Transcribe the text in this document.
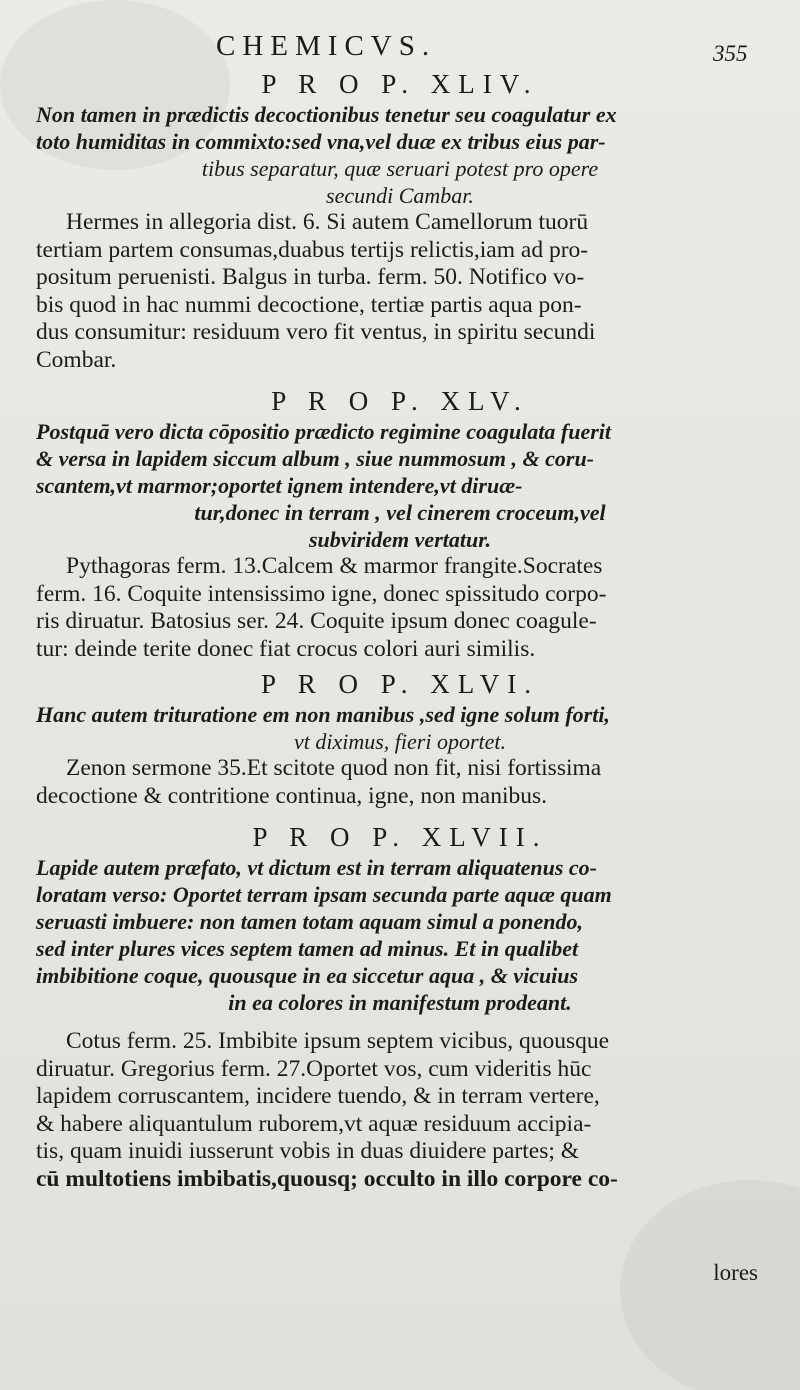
CHEMICVS.	355
P R O P. XLIV.
Non tamen in prædictis decoctionibus tenetur seu coagulatur ex
toto humiditas in commixto:sed vna,vel duæ ex tribus eius par-
tibus separatur, quæ seruari potest pro opere
secundi Cambar.
Hermes in allegoria dist. 6. Si autem Camellorum tuorū
tertiam partem consumas,duabus tertijs relictis,iam ad pro-
positum peruenisti. Balgus in turba. ferm. 50. Notifico vo-
bis quod in hac nummi decoctione, tertiæ partis aqua pon-
dus consumitur: residuum vero fit ventus, in spiritu secundi
Combar.
P R O P. XLV.
Postquā vero dicta cōpositio prædicto regimine coagulata fuerit
& versa in lapidem siccum album , siue nummosum , & coru-
scantem,vt marmor;oportet ignem intendere,vt diruæ-
tur,donec in terram , vel cinerem croceum,vel
subviridem vertatur.
Pythagoras ferm. 13.Calcem & marmor frangite.Socrates
ferm. 16. Coquite intensissimo igne, donec spissitudo corpo-
ris diruatur. Batosius ser. 24. Coquite ipsum donec coagule-
tur: deinde terite donec fiat crocus colori auri similis.
P R O P. XLVI.
Hanc autem trituratione em non manibus ,sed igne solum forti,
vt diximus, fieri oportet.
Zenon sermone 35.Et scitote quod non fit, nisi fortissima
decoctione & contritione continua, igne, non manibus.
P R O P. XLVII.
Lapide autem præfato, vt dictum est in terram aliquatenus co-
loratam verso: Oportet terram ipsam secunda parte aquæ quam
seruasti imbuere: non tamen totam aquam simul a ponendo,
sed inter plures vices septem tamen ad minus. Et in qualibet
imbibitione coque, quousque in ea siccetur aqua , & vicuius
in ea colores in manifestum prodeant.
Cotus ferm. 25. Imbibite ipsum septem vicibus, quousque
diruatur. Gregorius ferm. 27.Oportet vos, cum videritis hūc
lapidem corruscantem, incidere tuendo, & in terram vertere,
& habere aliquantulum ruborem,vt aquæ residuum accipia-
tis, quam inuidi iusserunt vobis in duas diuidere partes; &
cū multotiens imbibatis,quousq; occulto in illo corpore co-
lores
